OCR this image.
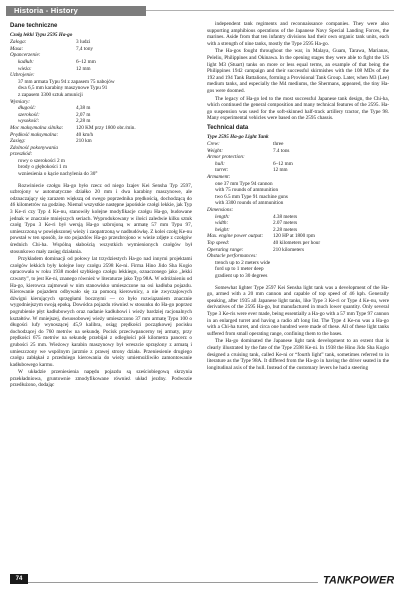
Historia - History
Dane techniczne
Czołg lekki Typu 2595 Ha-go
Załoga:	3 ludzi
Masa:	7,4 tony
Opancerzenie:
kadłub:	6–12 mm
wieża:	12 mm
Uzbrojenie:
37 mm armata Typu 94 z zapasem 75 nabojów
dwa 6,5 mm karabiny maszynowe Typu 91
z zapasem 3300 sztuk amunicji
Wymiary:
długość:	4,38 m
szerokość:	2,07 m
wysokość:	2,28 m
Moc maksymalna silnika:	120 KM przy 1800 obr./min.
Prędkość maksymalna:	40 km/h
Zasięg:	210 km
Zdolność pokonywania przeszkód:
rowy o szerokości 2 m
brody o głębokości 1 m
wzniesienia o kącie nachylenia do 30°

Rozwiniecie czołgu Ha-go było rzecz od niego Izajev Kei Sensha Typ 2597, uzbrojony w automatyczne działko 20 mm i dwa karabiny maszynowe, ale odznaczający się zarazem większą od swego poprzednika prędkością, dochodzącą do 46 kilometrów na godzinę. Niemal wszystkie następne japońskie czołgi lekkie, jak Typ 3 Ke-ri czy Typ 4 Ke-nu, stanowiły kolejne modyfikacje czołgu Ha-go, budowane jednak w znacznie mniejszych seriach. Wyprodukowany w ilości zaledwie kilku sztuk czołg Typu 3 Ke-ri był wersją Ha-go uzbrojoną w armatę 57 mm Typu 97, umieszczoną w powiększonej wieży i zaopatrzoną w nadbudówkę. Z kolei czołg Ke-nu powstał w ten sposób, że sto pojazdów Ha-go przezbrojono w wieże zdjęte z czołgów średnich Chi-ha. Wspólną słabością wszystkich wymienionych czołgów był stosunkowo mały zasięg działania.

Przykładem dominacji od połowy lat trzydziestych Ha-go nad innymi projektami czołgów lekkich były kolejne losy czołgu 2598 Ke-ni. Firma Hino Jido Sha Kogio opracowała w roku 1938 model szybkiego czołgu lekkiego, oznaczonego jako „lekki czwarty”, to jest Ke-ni, znanego również w literaturze jako Typ 98A. W odróżnieniu od Ha-go, kierowca zajmował w nim stanowisko umieszczone na osi kadłuba pojazdu. Kierowanie pojazdem odbywało się za pomocą kierownicy, a nie zwyczajowych dźwigni kierujących sprzęgłami bocznymi — co było rozwiązaniem znacznie wygodniejszym swoją epoką. Dowódca pojazdu również w stosunku do Ha-go poprzez pogrubienie płyt kadłubowych oraz nadanie kadłubowi i wieży bardziej racjonalnych kształtów. W mniejszej, dwuosobowej wieży umieszczono 37 mm armatę Typu 100 o długości lufy wynoszącej 45,9 kalibra, osiąg prędkości początkowej pocisku dochodzącej do 760 metrów na sekundę. Pocisk przeciwpancerny tej armaty, przy prędkości 675 metrów na sekundę przebijał z odległości pół kilometra pancerz o grubości 25 mm. Wieżowy karabin maszynowy był wreszcie sprzężony z armatą i umieszczony we wspólnym jarzmie z prawej strony działa. Przeniesienie drugiego czołgu zabłąkał z przedniego kierowania do wieży umiemożliwiło zamontowanie kadłubowego karmu.

W układzie przeniesienia napędu pojazdu są sześciobiegową skrzynia przekładniowa, gruntownie zmodyfikowane również układ jezdny. Podwozie przedłużono, dodając

independent tank regiments and reconnaissance companies. They were also supporting amphibious operations of the Japanese Navy Special Landing Forces, the marines. Aside from that ten infantry divisions had their own organic tank units, each with a strength of nine tanks, mostly the Type 2595 Ha-go.

The Ha-gos fought throughout the war, in Malaya, Guam, Tarawa, Marianas, Peleliu, Philippines and Okinawa. In the opening stages they were able to fight the US light M3 (Stuart) tanks on more or less equal terms, an example of that being the Philippines 1942 campaign and their successful skirmishes with the 108 MDs of the 192 and 194 Tank Battalions, forming a Provisional Tank Group. Later, when M3 (Lee) medium tanks, and especially the M4 mediums, the Shermans, appeared, the tiny Ha-gos were doomed.

The legacy of Ha-go led to the most successful Japanese tank design, the Chi-ha, which continued the general composition and many technical features of the 2595. Ha-go suspension was used for the soft-skinned half-track artillery tractor, the Type 98. Many experimental vehicles were based on the 2595 chassis.

Technical data
Type 2595 Ha-go Light Tank
Crew:	three
Weight:	7.4 tons
Armor protection:
hull:	6–12 mm
turret:	12 mm
Armament:
one 37 mm Type 94 cannon
with 75 rounds of ammunition
two 6.5 mm Type 91 machine guns
with 3300 rounds of ammunition
Dimensions:
length:	4.38 meters
width:	2.07 meters
height:	2.28 meters
Max. engine power output:	120 HP at 1800 rpm
Top speed:	40 kilometers per hour
Operating range:	210 kilometers
Obstacle performances:
trench up to 2 meters wide
ford up to 1 meter deep
gradient up to 30 degrees

Somewhat lighter Type 2597 Kei Sensha light tank was a development of the Ha-go, armed with a 20 mm cannon and capable of top speed of 46 kph. Generally speaking, after 1935 all Japanese light tanks, like Type 3 Ke-ri or Type 4 Ke-nu, were derivatives of the 2595 Ha-go, but manufactured in much lower quantity. Only several Type 3 Ke-ris were ever made, being essentially a Ha-go with a 57 mm Type 97 cannon in an enlarged turret and having a radio aft long list. The Type 4 Ke-nu was a Ha-go with a Chi-ha turret, and circa one hundred were made of these. All of these light tanks suffered from small operating range, confining them to the bases.

The Ha-go dominated the Japanese light tank development to an extent that is clearly illustrated by the fate of the Type 2598 Ke-ni. In 1938 the Hino Jido Sha Kogio designed a cruising tank, called Ke-ni or “fourth light” tank, sometimes referred to in literature as the Type 98A. It differed from the Ha-go in having the driver seated in the longitudinal axis of the hull. Instead of the customary levers he had a steering

74	TANKPOWER
